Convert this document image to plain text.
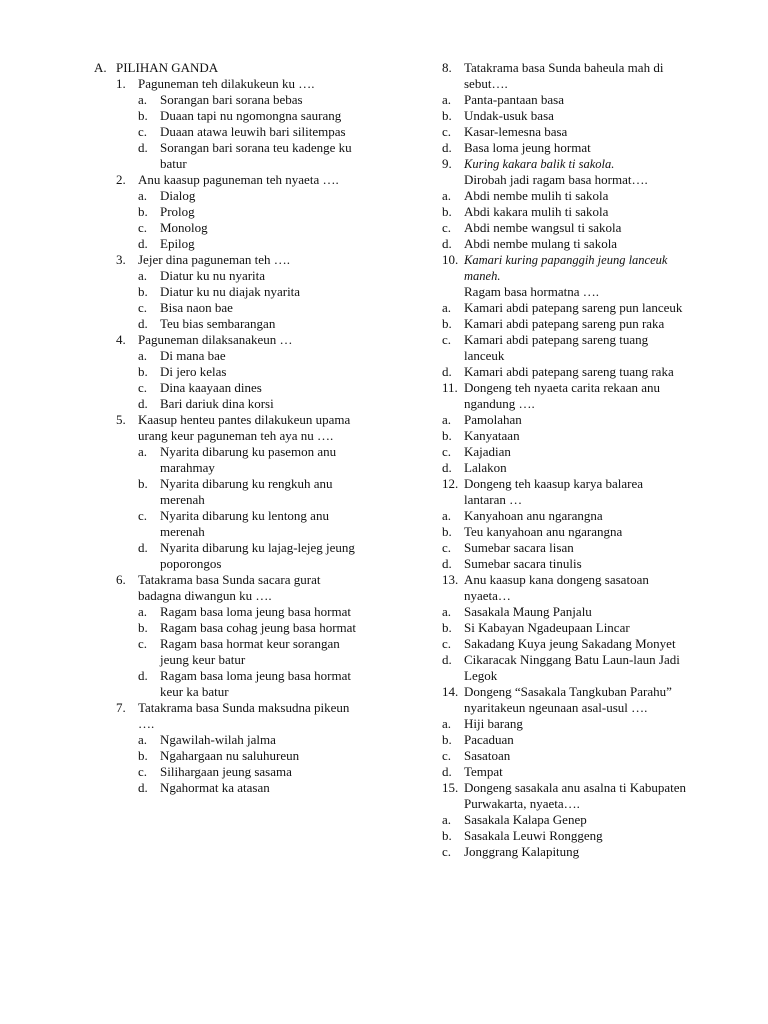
A. PILIHAN GANDA
1. Paguneman teh dilakukeun ku ….
a. Sorangan bari sorana bebas
b. Duaan tapi nu ngomongna saurang
c. Duaan atawa leuwih bari silitempas
d. Sorangan bari sorana teu kadenge ku batur
2. Anu kaasup paguneman teh nyaeta ….
a. Dialog
b. Prolog
c. Monolog
d. Epilog
3. Jejer dina paguneman teh ….
a. Diatur ku nu nyarita
b. Diatur ku nu diajak nyarita
c. Bisa naon bae
d. Teu bias sembarangan
4. Paguneman dilaksanakeun …
a. Di mana bae
b. Di jero kelas
c. Dina kaayaan dines
d. Bari dariuk dina korsi
5. Kaasup henteu pantes dilakukeun upama urang keur paguneman teh aya nu ….
a. Nyarita dibarung ku pasemon anu marahmay
b. Nyarita dibarung ku rengkuh anu merenah
c. Nyarita dibarung ku lentong anu merenah
d. Nyarita dibarung ku lajag-lejeg jeung poporongos
6. Tatakrama basa Sunda sacara gurat badagna diwangun ku ….
a. Ragam basa loma jeung basa hormat
b. Ragam basa cohag jeung basa hormat
c. Ragam basa hormat keur sorangan jeung keur batur
d. Ragam basa loma jeung basa hormat keur ka batur
7. Tatakrama basa Sunda maksudna pikeun ….
a. Ngawilah-wilah jalma
b. Ngahargaan nu saluhureun
c. Silihargaan jeung sasama
d. Ngahormat ka atasan
8. Tatakrama basa Sunda baheula mah di sebut….
a. Panta-pantaan basa
b. Undak-usuk basa
c. Kasar-lemesna basa
d. Basa loma jeung hormat
9. Kuring kakara balik ti sakola.
Dirobah jadi ragam basa hormat….
a. Abdi nembe mulih ti sakola
b. Abdi kakara mulih ti sakola
c. Abdi nembe wangsul ti sakola
d. Abdi nembe mulang ti sakola
10. Kamari kuring papanggih jeung lanceuk maneh.
Ragam basa hormatna ….
a. Kamari abdi patepang sareng pun lanceuk
b. Kamari abdi patepang sareng pun raka
c. Kamari abdi patepang sareng tuang lanceuk
d. Kamari abdi patepang sareng tuang raka
11. Dongeng teh nyaeta carita rekaan anu ngandung ….
a. Pamolahan
b. Kanyataan
c. Kajadian
d. Lalakon
12. Dongeng teh kaasup karya balarea lantaran …
a. Kanyahoan anu ngarangna
b. Teu kanyahoan anu ngarangna
c. Sumebar sacara lisan
d. Sumebar sacara tinulis
13. Anu kaasup kana dongeng sasatoan nyaeta…
a. Sasakala Maung Panjalu
b. Si Kabayan Ngadeupaan Lincar
c. Sakadang Kuya jeung Sakadang Monyet
d. Cikaracak Ninggang Batu Laun-laun Jadi Legok
14. Dongeng “Sasakala Tangkuban Parahu” nyaritakeun ngeunaan asal-usul ….
a. Hiji barang
b. Pacaduan
c. Sasatoan
d. Tempat
15. Dongeng sasakala anu asalna ti Kabupaten Purwakarta, nyaeta….
a. Sasakala Kalapa Genep
b. Sasakala Leuwi Ronggeng
c. Jonggrang Kalapitung
